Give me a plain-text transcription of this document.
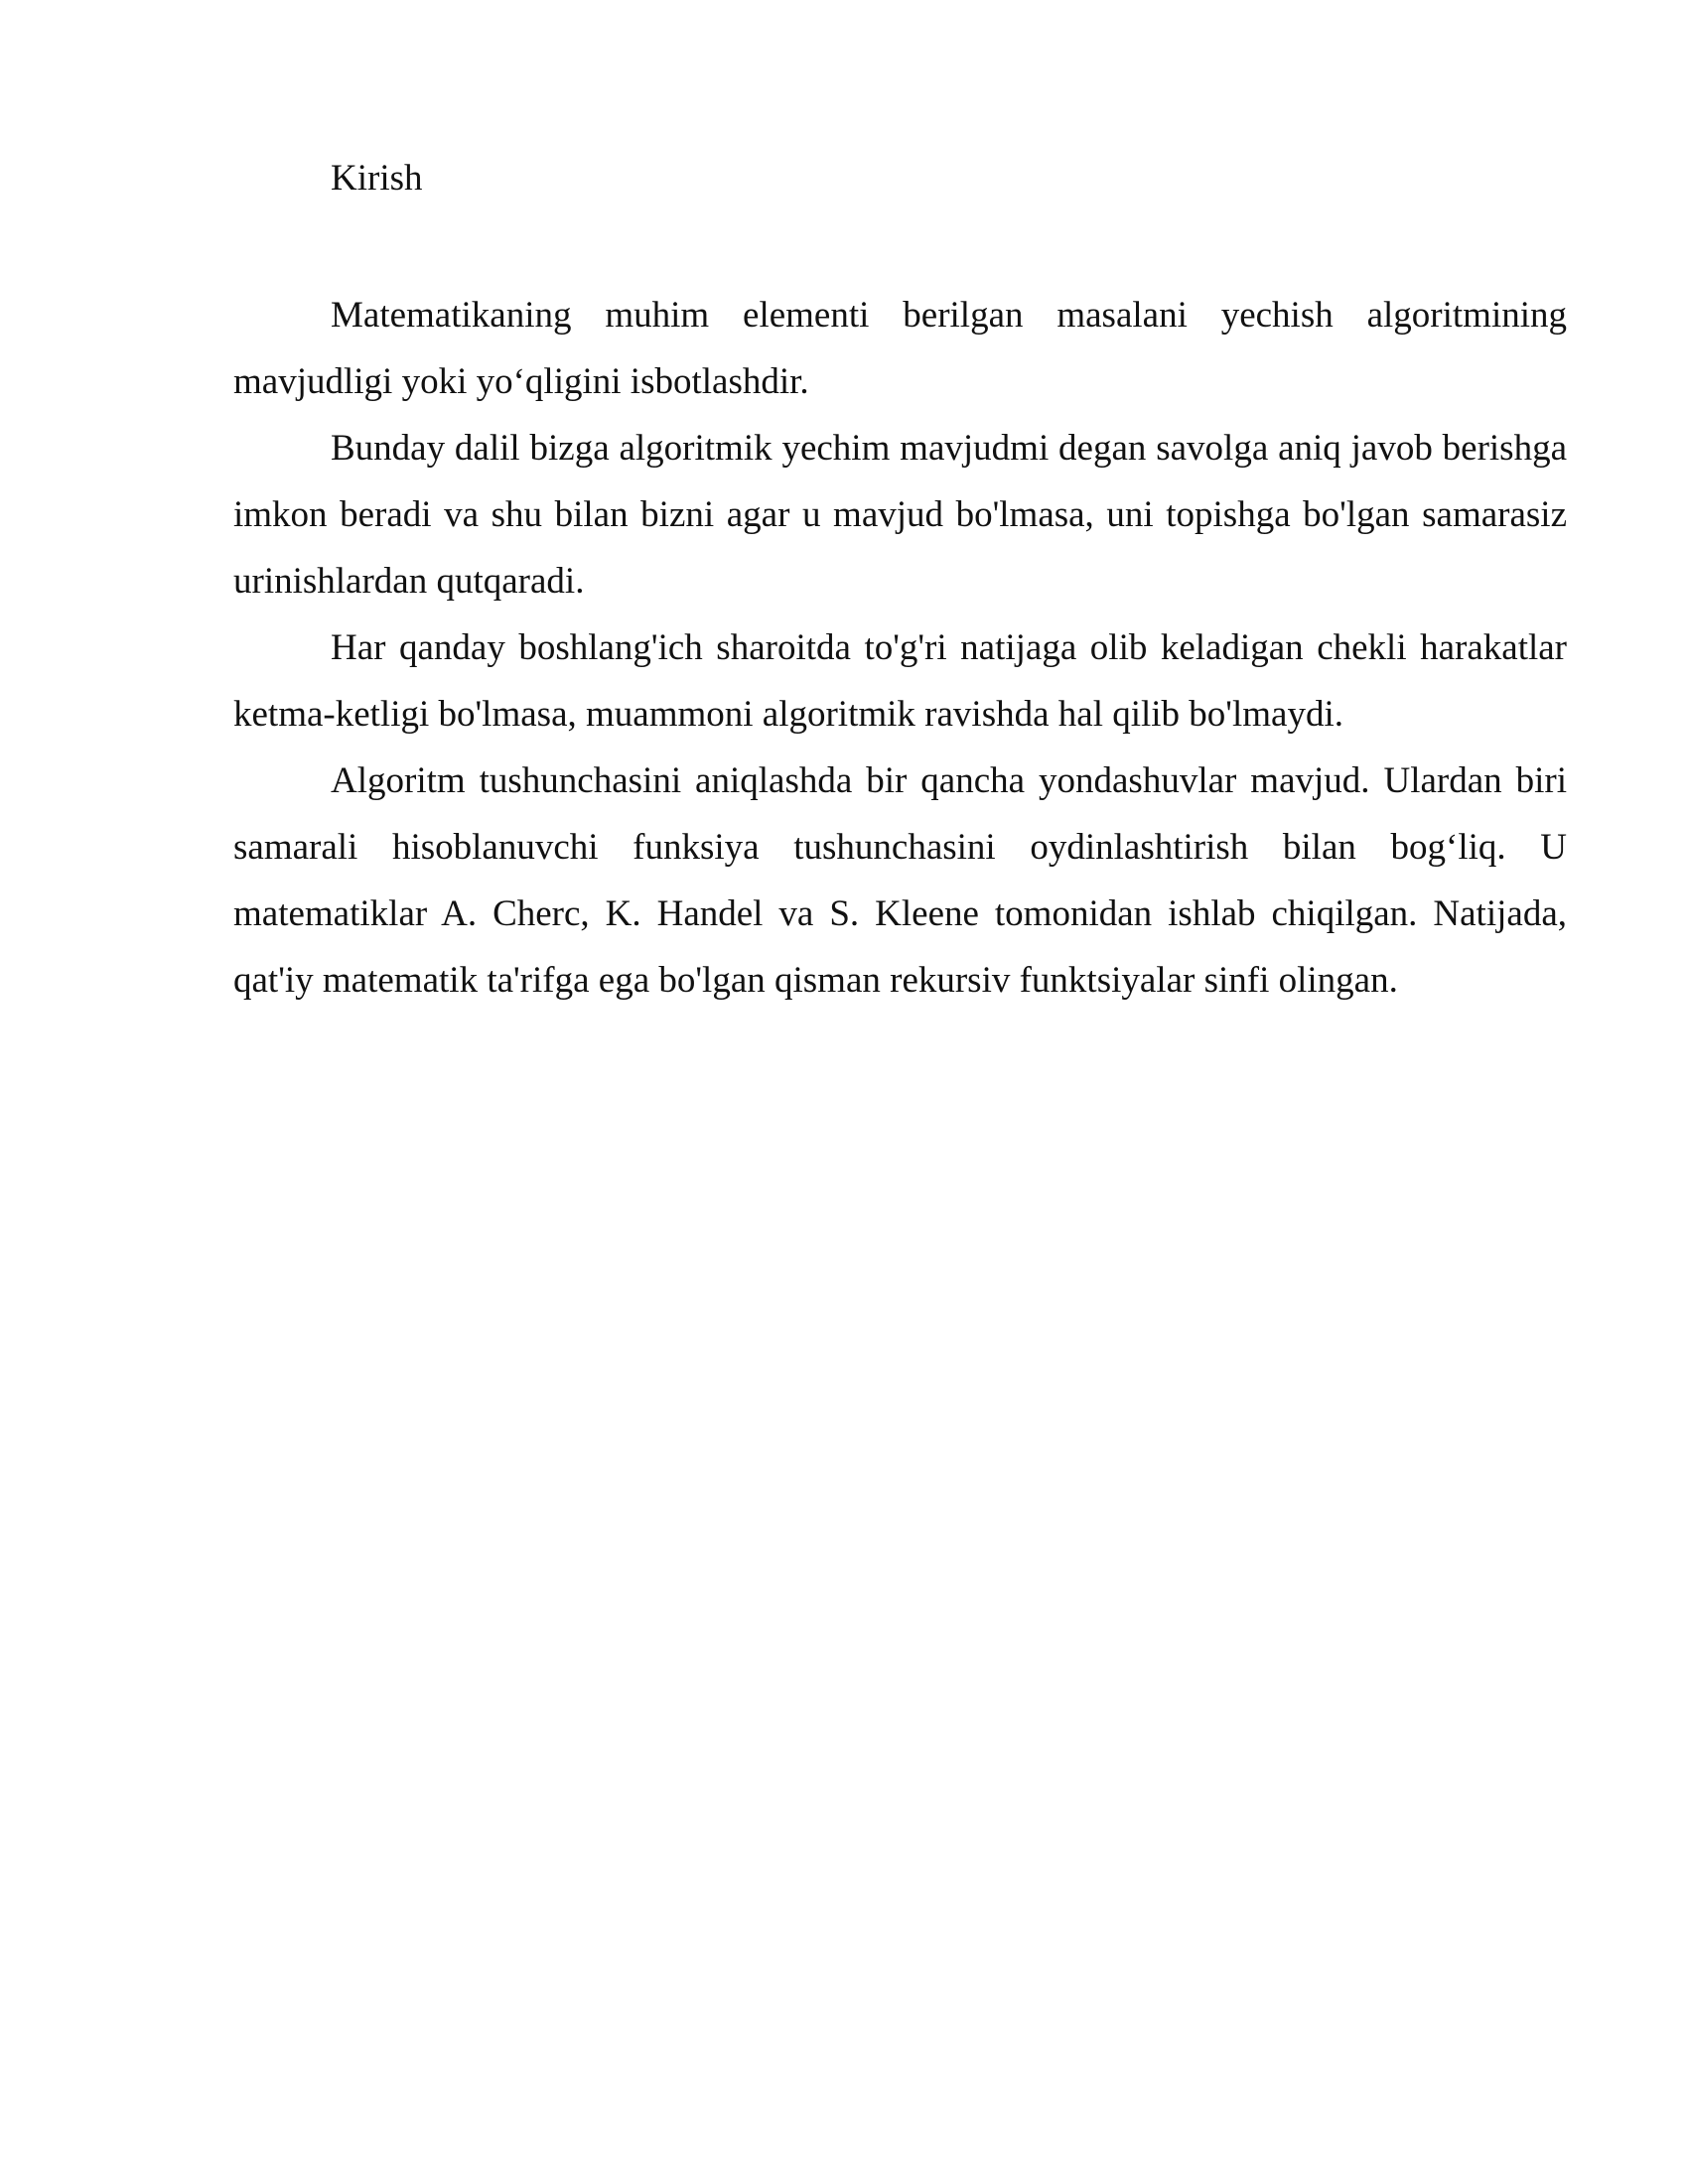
Kirish

Matematikaning muhim elementi berilgan masalani yechish algoritmining mavjudligi yoki yo‘qligini isbotlashdir.

Bunday dalil bizga algoritmik yechim mavjudmi degan savolga aniq javob berishga imkon beradi va shu bilan bizni agar u mavjud bo'lmasa, uni topishga bo'lgan samarasiz urinishlardan qutqaradi.

Har qanday boshlang'ich sharoitda to'g'ri natijaga olib keladigan chekli harakatlar ketma-ketligi bo'lmasa, muammoni algoritmik ravishda hal qilib bo'lmaydi.

Algoritm tushunchasini aniqlashda bir qancha yondashuvlar mavjud. Ulardan biri samarali hisoblanuvchi funksiya tushunchasini oydinlashtirish bilan bog‘liq. U matematiklar A. Cherc, K. Handel va S. Kleene tomonidan ishlab chiqilgan. Natijada, qat'iy matematik ta'rifga ega bo'lgan qisman rekursiv funktsiyalar sinfi olingan.
